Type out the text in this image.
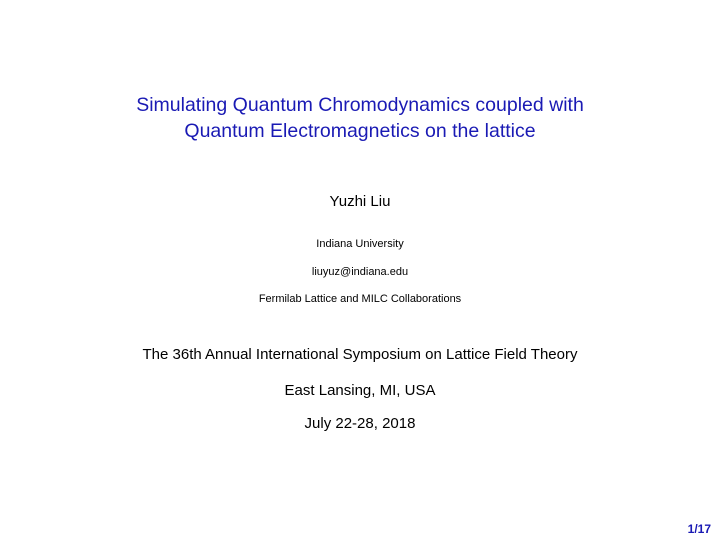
Simulating Quantum Chromodynamics coupled with
Quantum Electromagnetics on the lattice
Yuzhi Liu
Indiana University
liuyuz@indiana.edu
Fermilab Lattice and MILC Collaborations
The 36th Annual International Symposium on Lattice Field Theory
East Lansing, MI, USA
July 22-28, 2018
1/17
